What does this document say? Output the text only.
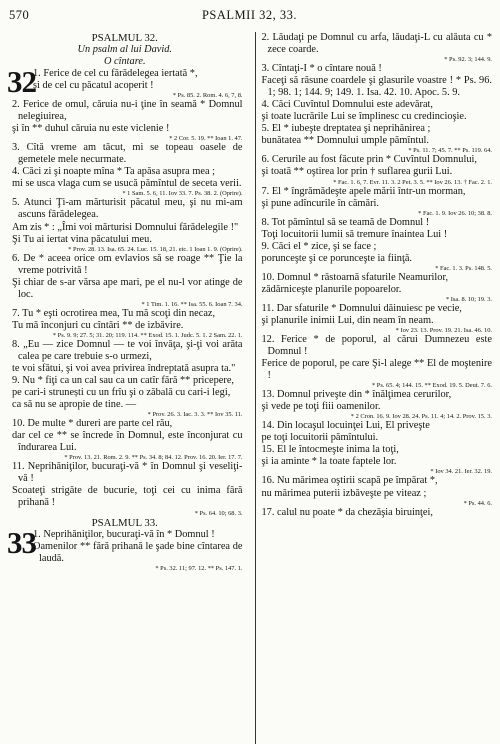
570	PSALMII 32, 33.
PSALMUL 32.
Un psalm al lui David.
O cîntare.
32
1. Ferice de cel cu fărădelegea iertată *,
şi de cel cu păcatul acoperit !
* Ps. 85. 2. Rom. 4. 6, 7, 8.
2. Ferice de omul, căruia nu-i ţine în seamă * Domnul nelegiuirea,
şi în ** duhul căruia nu este viclenie !
* 2 Cor. 5. 19. ** Ioan 1. 47.
3. Cîtă vreme am tăcut, mi se topeau oasele de gemetele mele necurmate.
4. Căci zi şi noapte mîna * Ta apăsa asupra mea ;
mi se usca vlaga cum se usucă pămîntul de seceta verii.
* 1 Sam. 5. 6, 11. Iov 33. 7. Ps. 38. 2. (Oprire).
5. Atunci Ţi-am mărturisit păcatul meu, şi nu mi-am ascuns fărădelegea.
Am zis * : „Îmi voi mărturisi Domnului fărădelegile !"
Şi Tu ai iertat vina păcatului meu.
* Prov. 28. 13. Isa. 65. 24. Luc. 15. 18, 21. etc. 1 Ioan 1. 9. (Oprire).
6. De * aceea orice om evlavios să se roage ** Ţie la vreme potrivită !
Şi chiar de s-ar vărsa ape mari, pe el nu-l vor atinge de loc.
* 1 Tim. 1. 16. ** Isa. 55. 6. Ioan 7. 34.
7. Tu * eşti ocrotirea mea, Tu mă scoţi din necaz,
Tu mă înconjuri cu cîntări ** de izbăvire.
* Ps. 9. 9; 27. 5; 31. 20; 119. 114. ** Exod. 15. 1. Judc. 5. 1. 2 Sam. 22. 1.
8. „Eu — zice Domnul — te voi învăţa, şi-ţi voi arăta calea pe care trebuie s-o urmezi,
te voi sfătui, şi voi avea privirea îndreptată asupra ta."
9. Nu * fiţi ca un cal sau ca un catîr fără ** pricepere,
pe cari-i strunești cu un frîu şi o zăbală cu cari-i legi,
ca să nu se apropie de tine. —
* Prov. 26. 3. Iac. 3. 3. ** Iov 35. 11.
10. De multe * dureri are parte cel rău,
dar cel ce ** se încrede în Domnul, este înconjurat cu îndurarea Lui.
* Prov. 13. 21. Rom. 2. 9. ** Ps. 34. 8; 84. 12. Prov. 16. 20. Ier. 17. 7.
11. Neprihăniţilor, bucuraţi-vă * în Domnul şi veseliţi-vă !
Scoateţi strigăte de bucurie, toţi cei cu inima fără prihană !
* Ps. 64. 10; 68. 3.
PSALMUL 33.
33
1. Neprihăniţilor, bucuraţi-vă în * Domnul !
Oamenilor ** fără prihană le şade bine cîntarea de laudă.
* Ps. 32. 11; 97. 12. ** Ps. 147. 1.
2. Lăudaţi pe Domnul cu arfa, lăudaţi-L cu alăuta cu * zece coarde.
* Ps. 92. 3; 144. 9.
3. Cîntaţi-I * o cîntare nouă !
Faceţi să răsune coardele şi glasurile voastre ! * Ps. 96. 1; 98. 1; 144. 9; 149. 1. Isa. 42. 10. Apoc. 5. 9.
4. Căci Cuvîntul Domnului este adevărat,
şi toate lucrările Lui se împlinesc cu credincioşie.
5. El * iubeşte dreptatea şi neprihănirea ;
bunătatea ** Domnului umple pămîntul.
* Ps. 11. 7; 45. 7. ** Ps. 119. 64.
6. Cerurile au fost făcute prin * Cuvîntul Domnului,
şi toată ** oştirea lor prin † suflarea gurii Lui.
* Fac. 1. 6, 7. Evr. 11. 3. 2 Pet. 3. 5. ** Iov 26. 13. † Fac. 2. 1.
7. El * îngrămădeşte apele mării într-un morman,
şi pune adîncurile în cămări.
* Fac. 1. 9. Iov 26. 10; 38. 8.
8. Tot pămîntul să se teamă de Domnul !
Toţi locuitorii lumii să tremure înaintea Lui !
9. Căci el * zice, şi se face ;
porunceşte şi ce porunceşte ia fiinţă.
* Fac. 1. 3. Ps. 148. 5.
10. Domnul * răstoarnă sfaturile Neamurilor,
zădărniceşte planurile popoarelor.
* Isa. 8. 10; 19. 3.
11. Dar sfaturile * Domnului dăinuiesc pe vecie,
şi planurile inimii Lui, din neam în neam.
* Iov 23. 13. Prov. 19. 21. Isa. 46. 10.
12. Ferice * de poporul, al cărui Dumnezeu este Domnul !
Ferice de poporul, pe care Şi-l alege ** El de moştenire !
* Ps. 65. 4; 144. 15. ** Exod. 19. 5. Deut. 7. 6.
13. Domnul priveşte din * înălţimea cerurilor,
şi vede pe toţi fiii oamenilor.
* 2 Cron. 16. 9. Iov 28. 24. Ps. 11. 4; 14. 2. Prov. 15. 3.
14. Din locaşul locuinţei Lui, El priveşte
pe toţi locuitorii pămîntului.
15. El le întocmeşte inima la toţi,
şi ia aminte * la toate faptele lor.
* Iov 34. 21. Ier. 32. 19.
16. Nu mărimea oştirii scapă pe împărat *,
nu mărimea puterii izbăveşte pe viteaz ;
* Ps. 44. 6.
17. calul nu poate * da chezăşia biruinţei,
